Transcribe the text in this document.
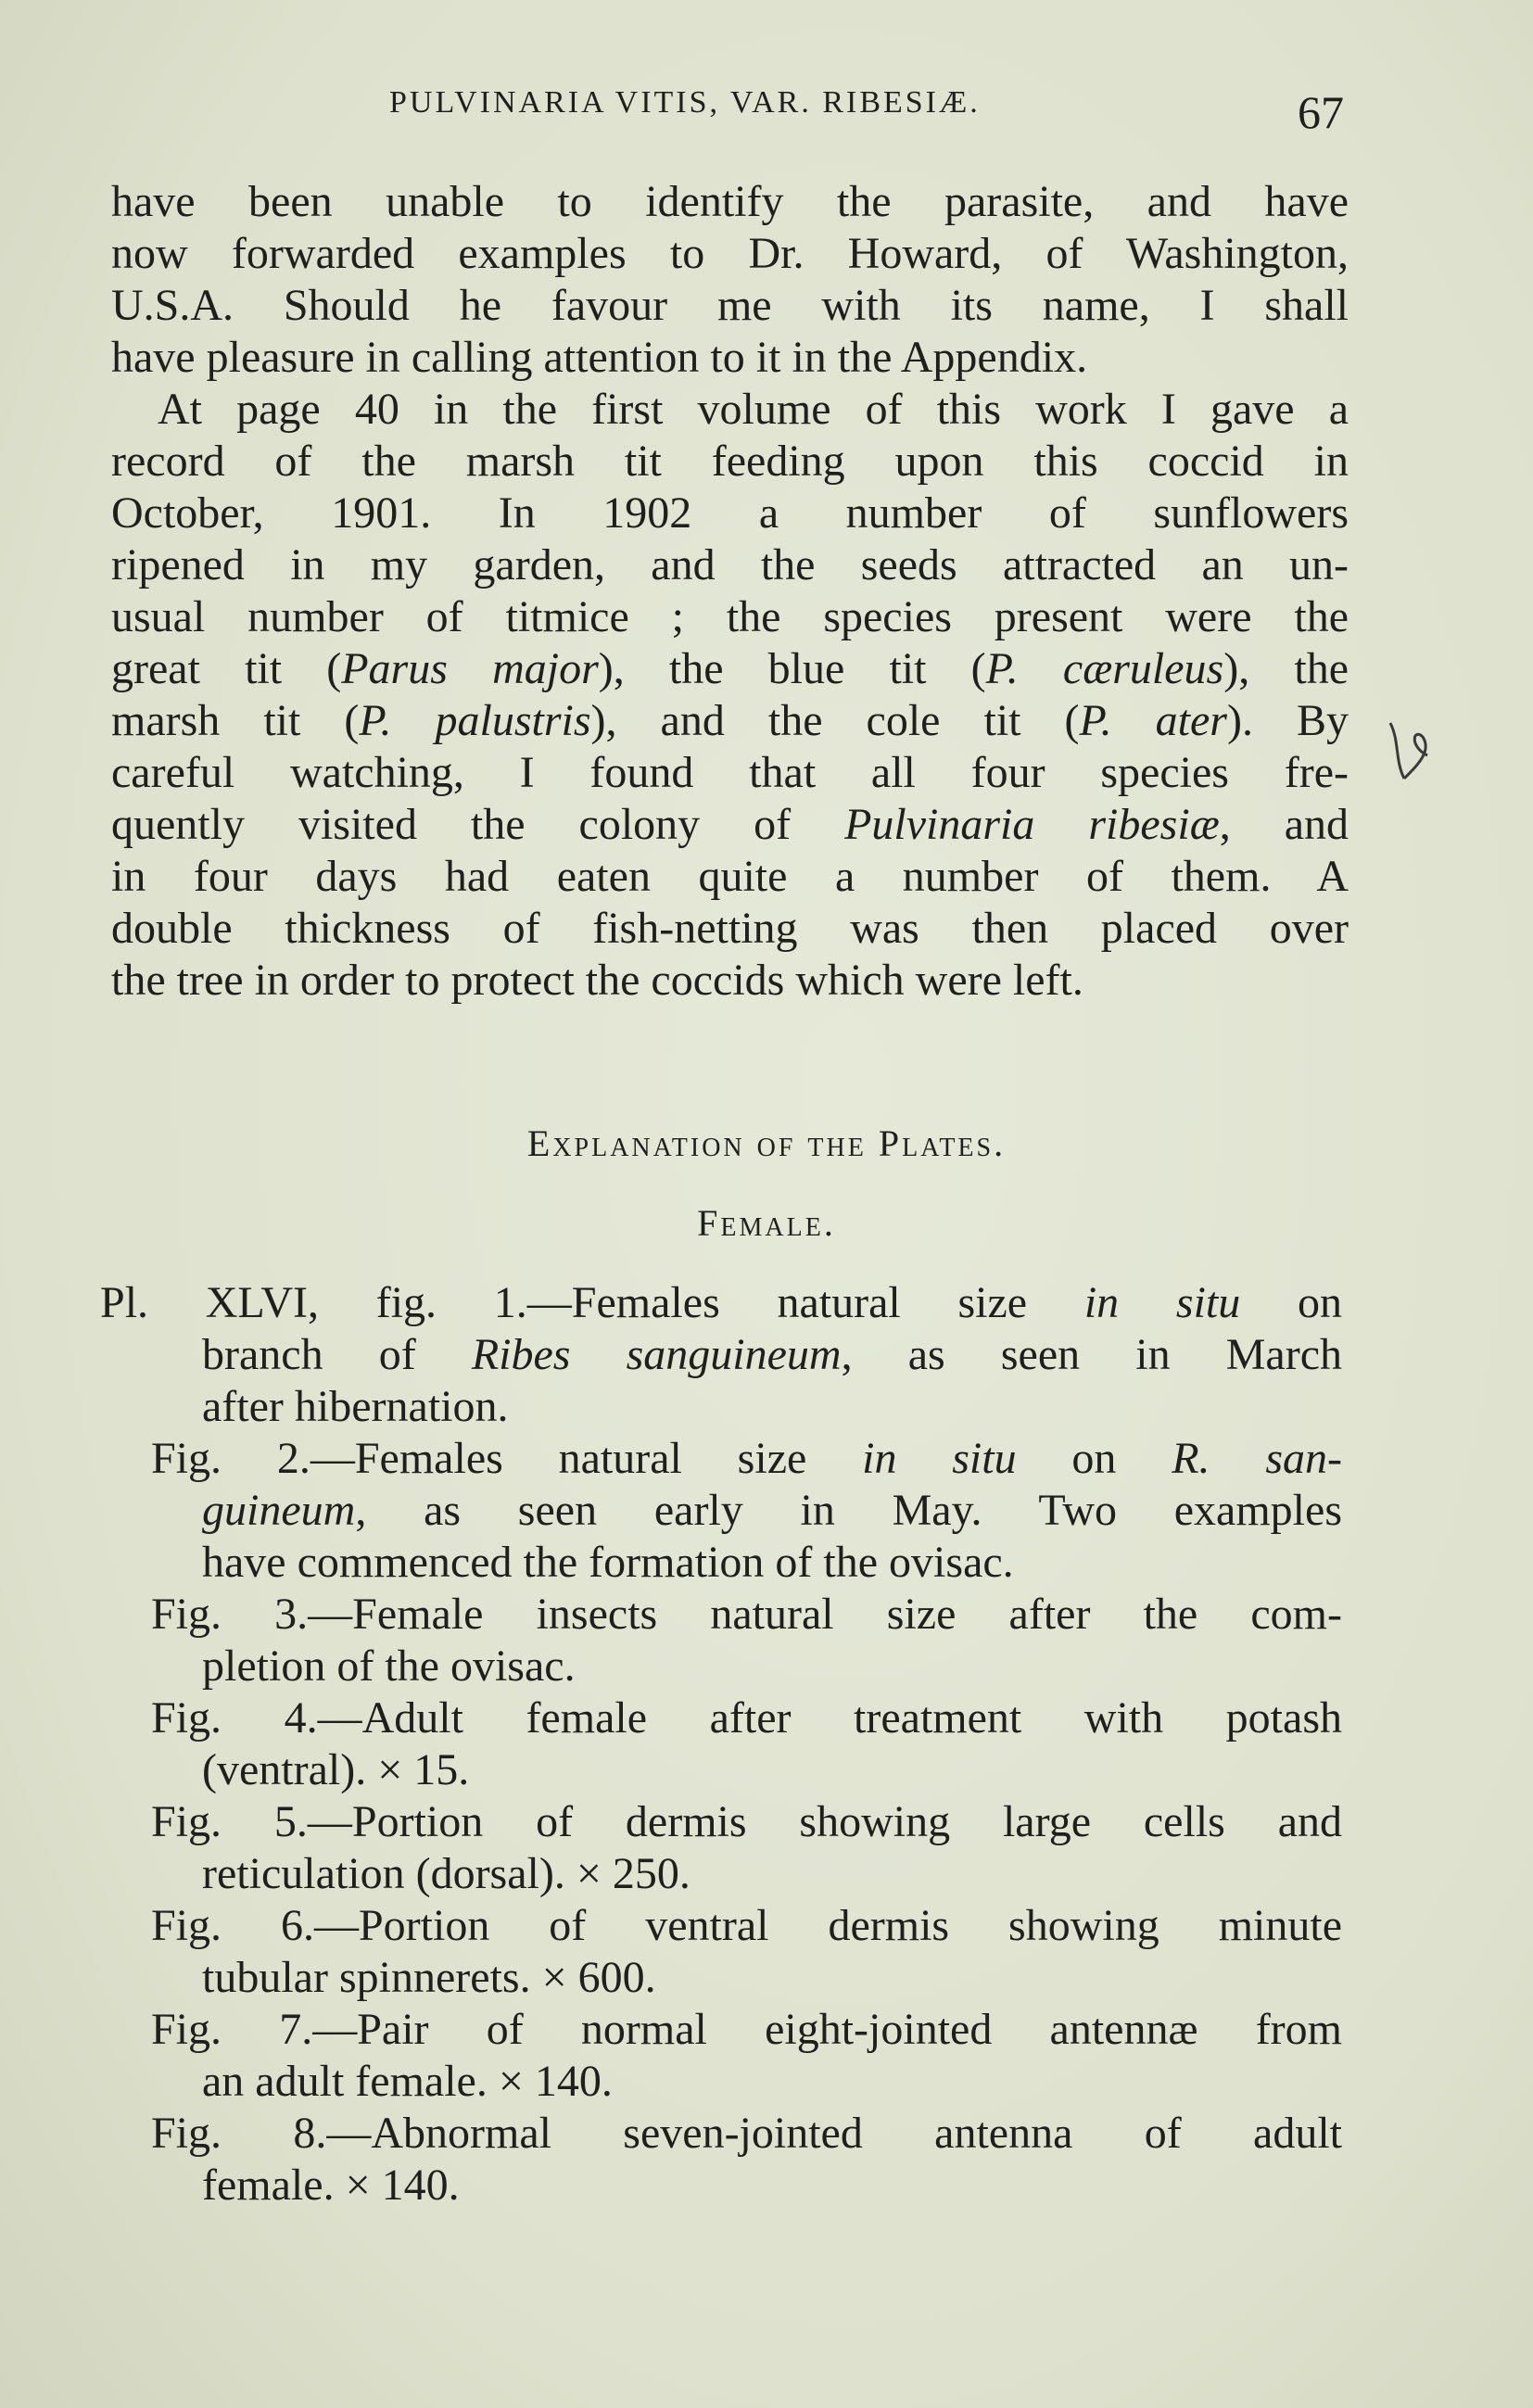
PULVINARIA VITIS, VAR. RIBESIÆ.	67
have been unable to identify the parasite, and have
now forwarded examples to Dr. Howard, of Washington,
U.S.A. Should he favour me with its name, I shall
have pleasure in calling attention to it in the Appendix.
At page 40 in the first volume of this work I gave a
record of the marsh tit feeding upon this coccid in
October, 1901. In 1902 a number of sunflowers
ripened in my garden, and the seeds attracted an un-
usual number of titmice ; the species present were the
great tit (Parus major), the blue tit (P. cæruleus), the
marsh tit (P. palustris), and the cole tit (P. ater). By
careful watching, I found that all four species fre-
quently visited the colony of Pulvinaria ribesiæ, and
in four days had eaten quite a number of them. A
double thickness of fish-netting was then placed over
the tree in order to protect the coccids which were left.
Explanation of the Plates.
Female.
Pl. XLVI, fig. 1.—Females natural size in situ on
branch of Ribes sanguineum, as seen in March
after hibernation.
Fig. 2.—Females natural size in situ on R. san-
guineum, as seen early in May. Two examples
have commenced the formation of the ovisac.
Fig. 3.—Female insects natural size after the com-
pletion of the ovisac.
Fig. 4.—Adult female after treatment with potash
(ventral). × 15.
Fig. 5.—Portion of dermis showing large cells and
reticulation (dorsal). × 250.
Fig. 6.—Portion of ventral dermis showing minute
tubular spinnerets. × 600.
Fig. 7.—Pair of normal eight-jointed antennæ from
an adult female. × 140.
Fig. 8.—Abnormal seven-jointed antenna of adult
female. × 140.
